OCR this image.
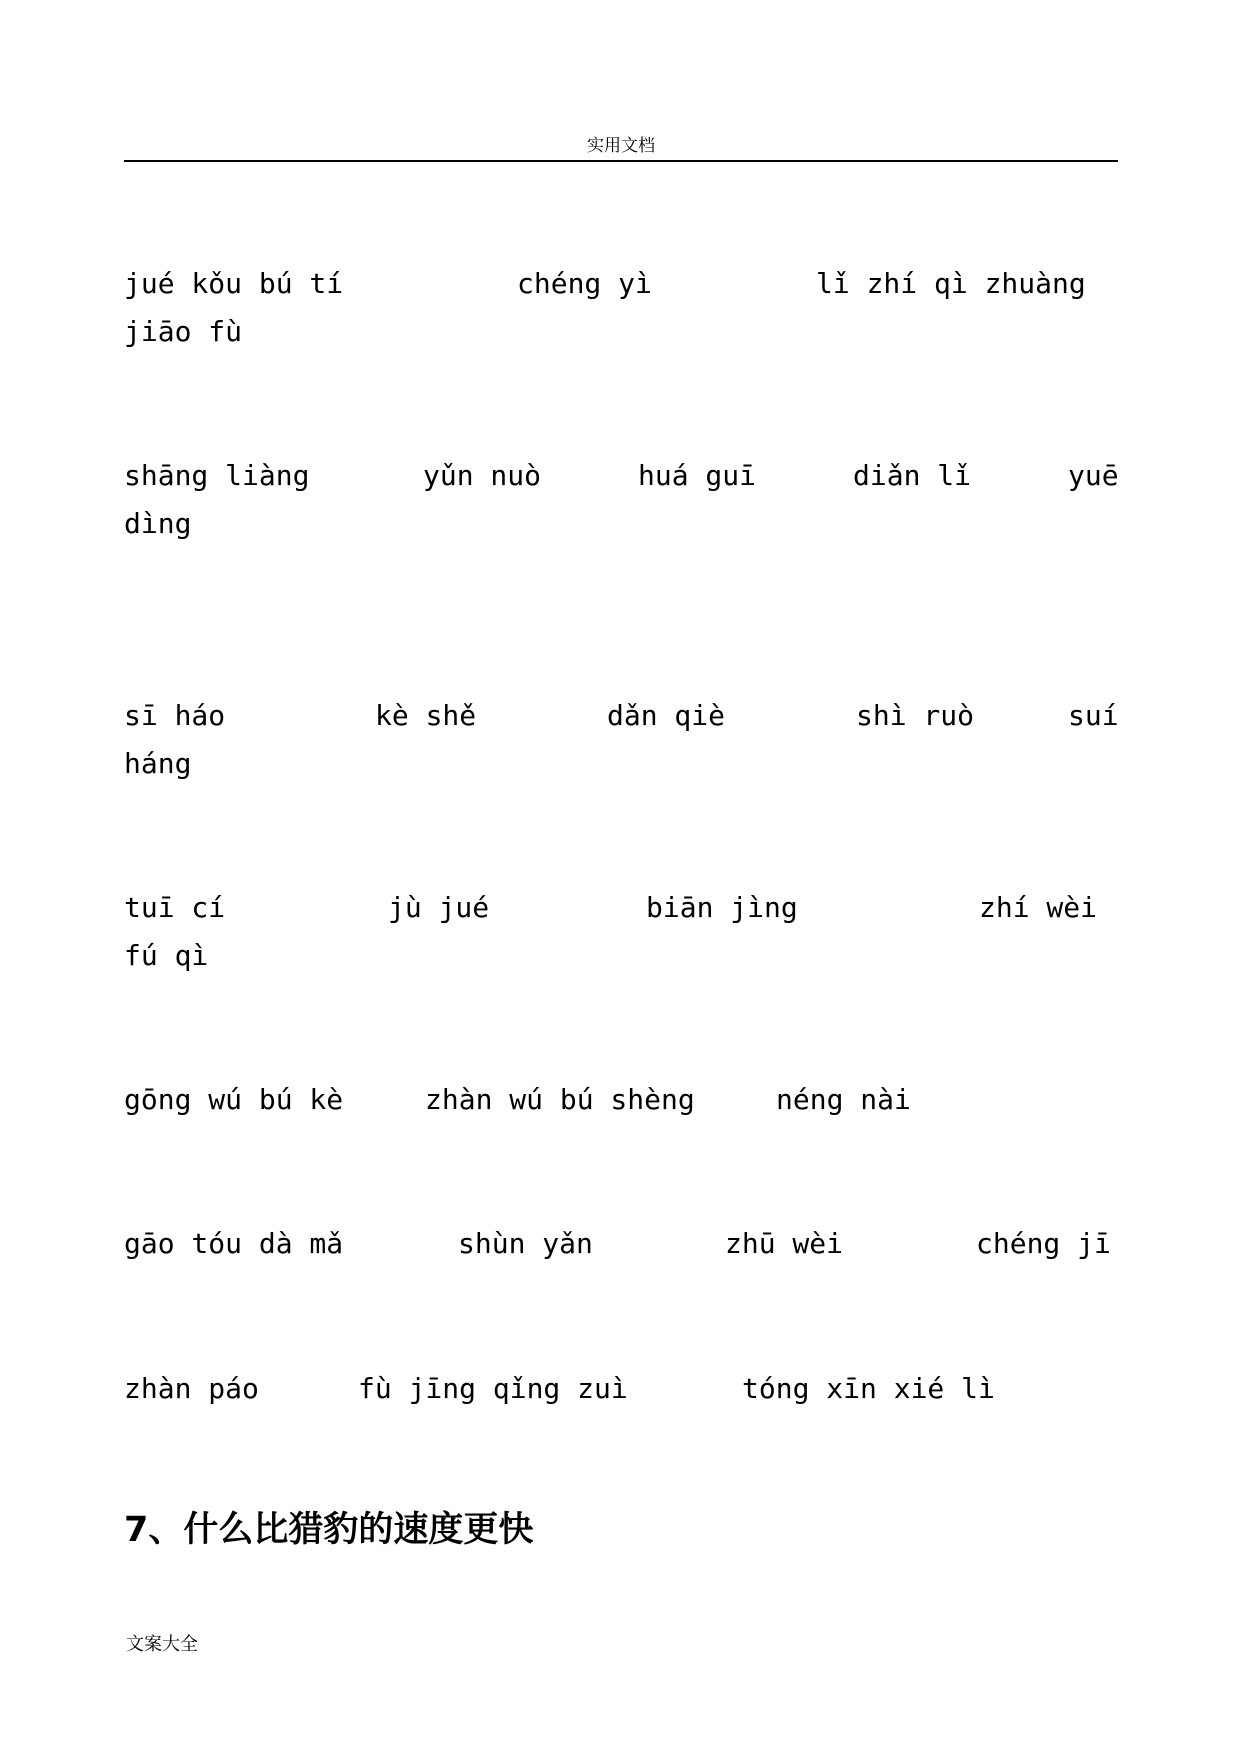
实用文档
jué kǒu bú tí	chéng yì	lǐ zhí qì zhuàng
jiāo fù
shāng liàng	yǔn nuò	huá guī	diǎn lǐ	yuē
dìng
sī háo	kè shě	dǎn qiè	shì ruò	suí
háng
tuī cí	jù jué	biān jìng	zhí wèi
fú qì
gōng wú bú kè	zhàn wú bú shèng	néng nài
gāo tóu dà mǎ	shùn yǎn	zhū wèi	chéng jī
zhàn páo	fù jīng qǐng zuì	tóng xīn xié lì
7、什么比猎豹的速度更快
文案大全
